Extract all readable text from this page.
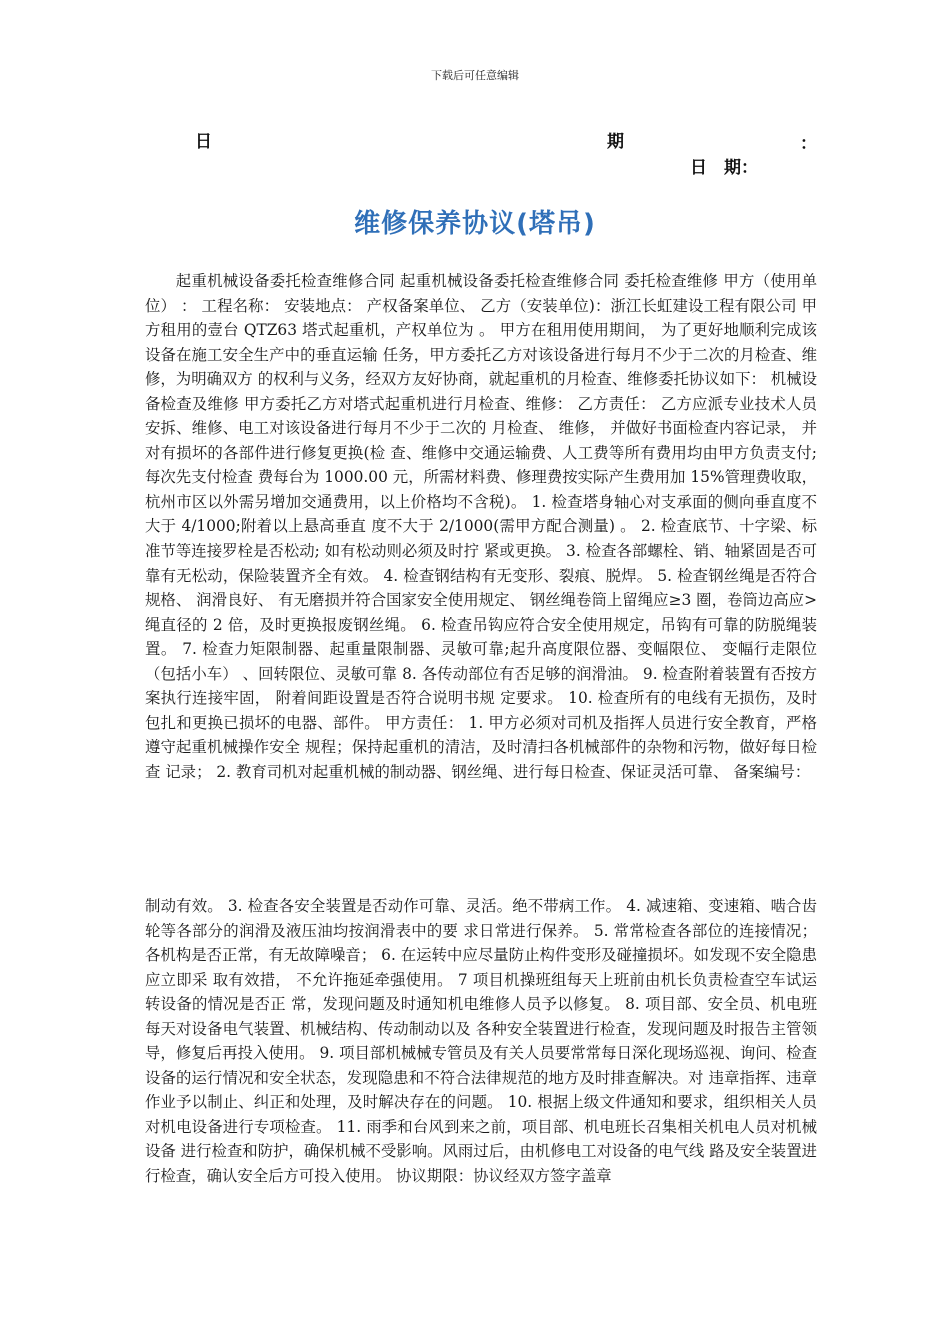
下载后可任意编辑
日	期	：
日　期：
维修保养协议(塔吊)

起重机械设备委托检查维修合同 起重机械设备委托检查维修合同 委托检查维修 甲方（使用单位） ： 工程名称： 安装地点： 产权备案单位、 乙方（安装单位)：浙江长虹建设工程有限公司 甲方租用的壹台 QTZ63 塔式起重机，产权单位为 。 甲方在租用使用期间， 为了更好地顺利完成该设备在施工安全生产中的垂直运输 任务，甲方委托乙方对该设备进行每月不少于二次的月检查、维修，为明确双方 的权利与义务，经双方友好协商，就起重机的月检查、维修委托协议如下： 机械设备检查及维修 甲方委托乙方对塔式起重机进行月检查、维修： 乙方责任： 乙方应派专业技术人员安拆、维修、电工对该设备进行每月不少于二次的 月检查、 维修， 并做好书面检查内容记录， 并对有损坏的各部件进行修复更换(检 查、维修中交通运输费、人工费等所有费用均由甲方负责支付;每次先支付检查 费每台为 1000.00 元，所需材料费、修理费按实际产生费用加 15%管理费收取， 杭州市区以外需另增加交通费用，以上价格均不含税)。 1. 检查塔身轴心对支承面的侧向垂直度不大于 4/1000;附着以上悬高垂直 度不大于 2/1000(需甲方配合测量) 。 2. 检查底节、十字梁、标准节等连接罗栓是否松动; 如有松动则必须及时拧 紧或更换。 3. 检查各部螺栓、销、轴紧固是否可靠有无松动，保险装置齐全有效。 4. 检查钢结构有无变形、裂痕、脱焊。 5. 检查钢丝绳是否符合规格、 润滑良好、 有无磨损并符合国家安全使用规定、 钢丝绳卷筒上留绳应≥3 圈，卷筒边高应>绳直径的 2 倍，及时更换报废钢丝绳。 6. 检查吊钩应符合安全使用规定，吊钩有可靠的防脱绳装置。 7. 检查力矩限制器、起重量限制器、灵敏可靠;起升高度限位器、变幅限位、 变幅行走限位（包括小车） 、回转限位、灵敏可靠 8. 各传动部位有否足够的润滑油。 9. 检查附着装置有否按方案执行连接牢固， 附着间距设置是否符合说明书规 定要求。 10. 检查所有的电线有无损伤，及时包扎和更换已损坏的电器、部件。 甲方责任： 1. 甲方必须对司机及指挥人员进行安全教育，严格遵守起重机械操作安全 规程；保持起重机的清洁，及时清扫各机械部件的杂物和污物，做好每日检查 记录； 2. 教育司机对起重机械的制动器、钢丝绳、进行每日检查、保证灵活可靠、 备案编号：

制动有效。 3. 检查各安全装置是否动作可靠、灵活。绝不带病工作。 4. 减速箱、变速箱、啮合齿轮等各部分的润滑及液压油均按润滑表中的要 求日常进行保养。 5. 常常检查各部位的连接情况；各机构是否正常，有无故障噪音； 6. 在运转中应尽量防止构件变形及碰撞损坏。如发现不安全隐患应立即采 取有效措， 不允许拖延牵强使用。 7 项目机操班组每天上班前由机长负责检查空车试运转设备的情况是否正 常，发现问题及时通知机电维修人员予以修复。 8. 项目部、安全员、机电班每天对设备电气装置、机械结构、传动制动以及 各种安全装置进行检查，发现问题及时报告主管领导，修复后再投入使用。 9. 项目部机械械专管员及有关人员要常常每日深化现场巡视、询问、检查 设备的运行情况和安全状态，发现隐患和不符合法律规范的地方及时排查解决。对 违章指挥、违章作业予以制止、纠正和处理，及时解决存在的问题。 10. 根据上级文件通知和要求，组织相关人员对机电设备进行专项检查。 11. 雨季和台风到来之前，项目部、机电班长召集相关机电人员对机械设备 进行检查和防护，确保机械不受影响。风雨过后，由机修电工对设备的电气线 路及安全装置进行检查，确认安全后方可投入使用。 协议期限：协议经双方签字盖章
